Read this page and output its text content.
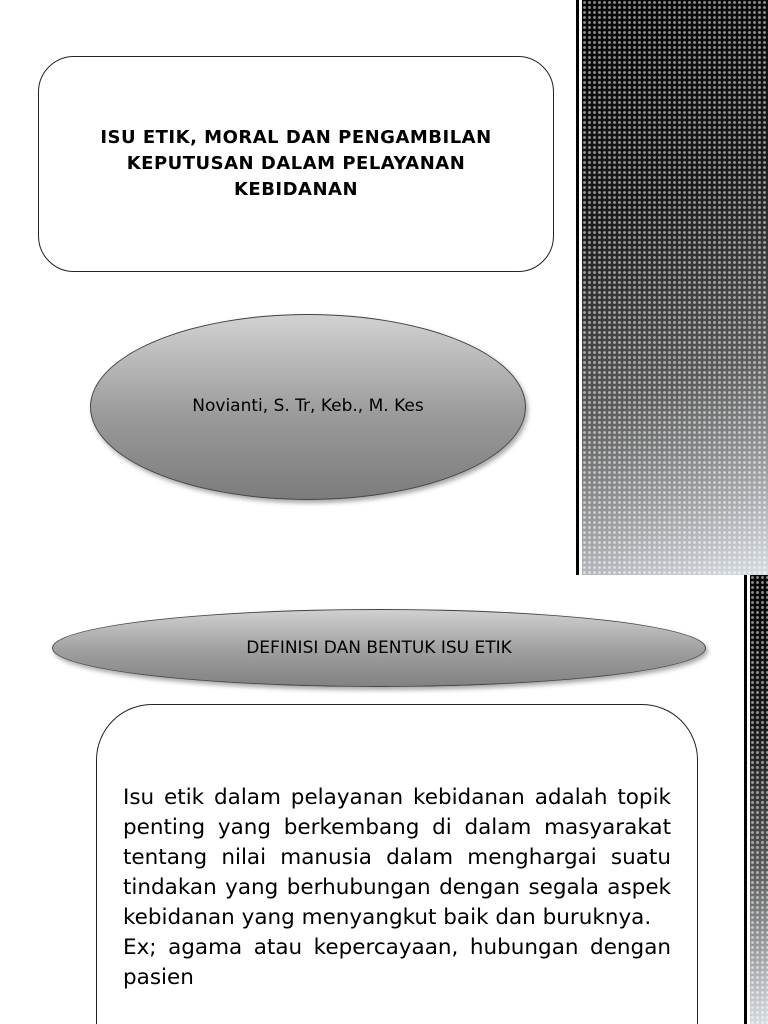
ISU ETIK, MORAL DAN PENGAMBILAN
KEPUTUSAN DALAM PELAYANAN
KEBIDANAN
Novianti, S. Tr, Keb., M. Kes
DEFINISI DAN BENTUK ISU ETIK

Isu etik dalam pelayanan kebidanan adalah topik penting yang berkembang di dalam masyarakat tentang nilai manusia dalam menghargai suatu tindakan yang berhubungan dengan segala aspek kebidanan yang menyangkut baik dan buruknya.

Ex; agama atau kepercayaan, hubungan dengan pasien
